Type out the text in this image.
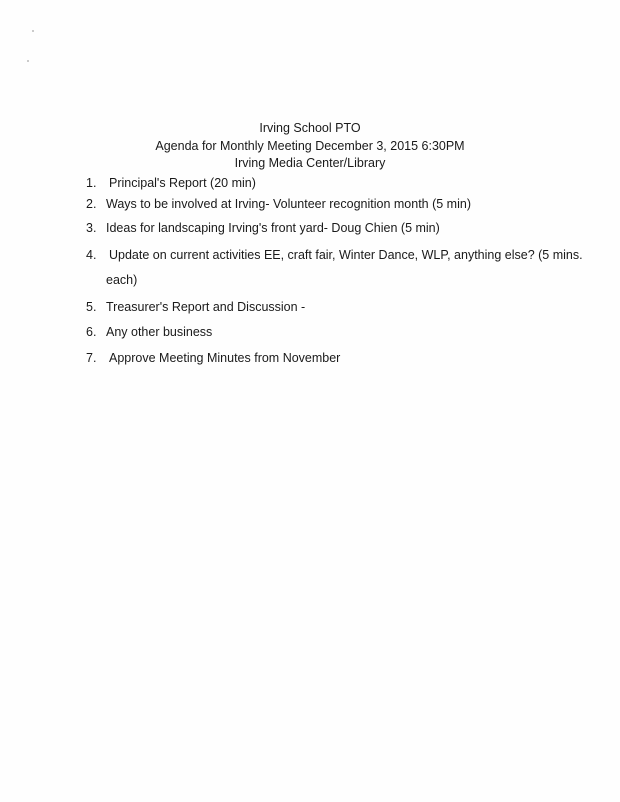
Irving School PTO
Agenda for Monthly Meeting December 3, 2015 6:30PM
Irving Media Center/Library
1. Principal's Report (20 min)
2. Ways to be involved at Irving- Volunteer recognition month (5 min)
3. Ideas for landscaping Irving's front yard- Doug Chien (5 min)
4. Update on current activities EE, craft fair, Winter Dance, WLP, anything else? (5 mins.
each)
5. Treasurer's Report and Discussion -
6. Any other business
7. Approve Meeting Minutes from November
